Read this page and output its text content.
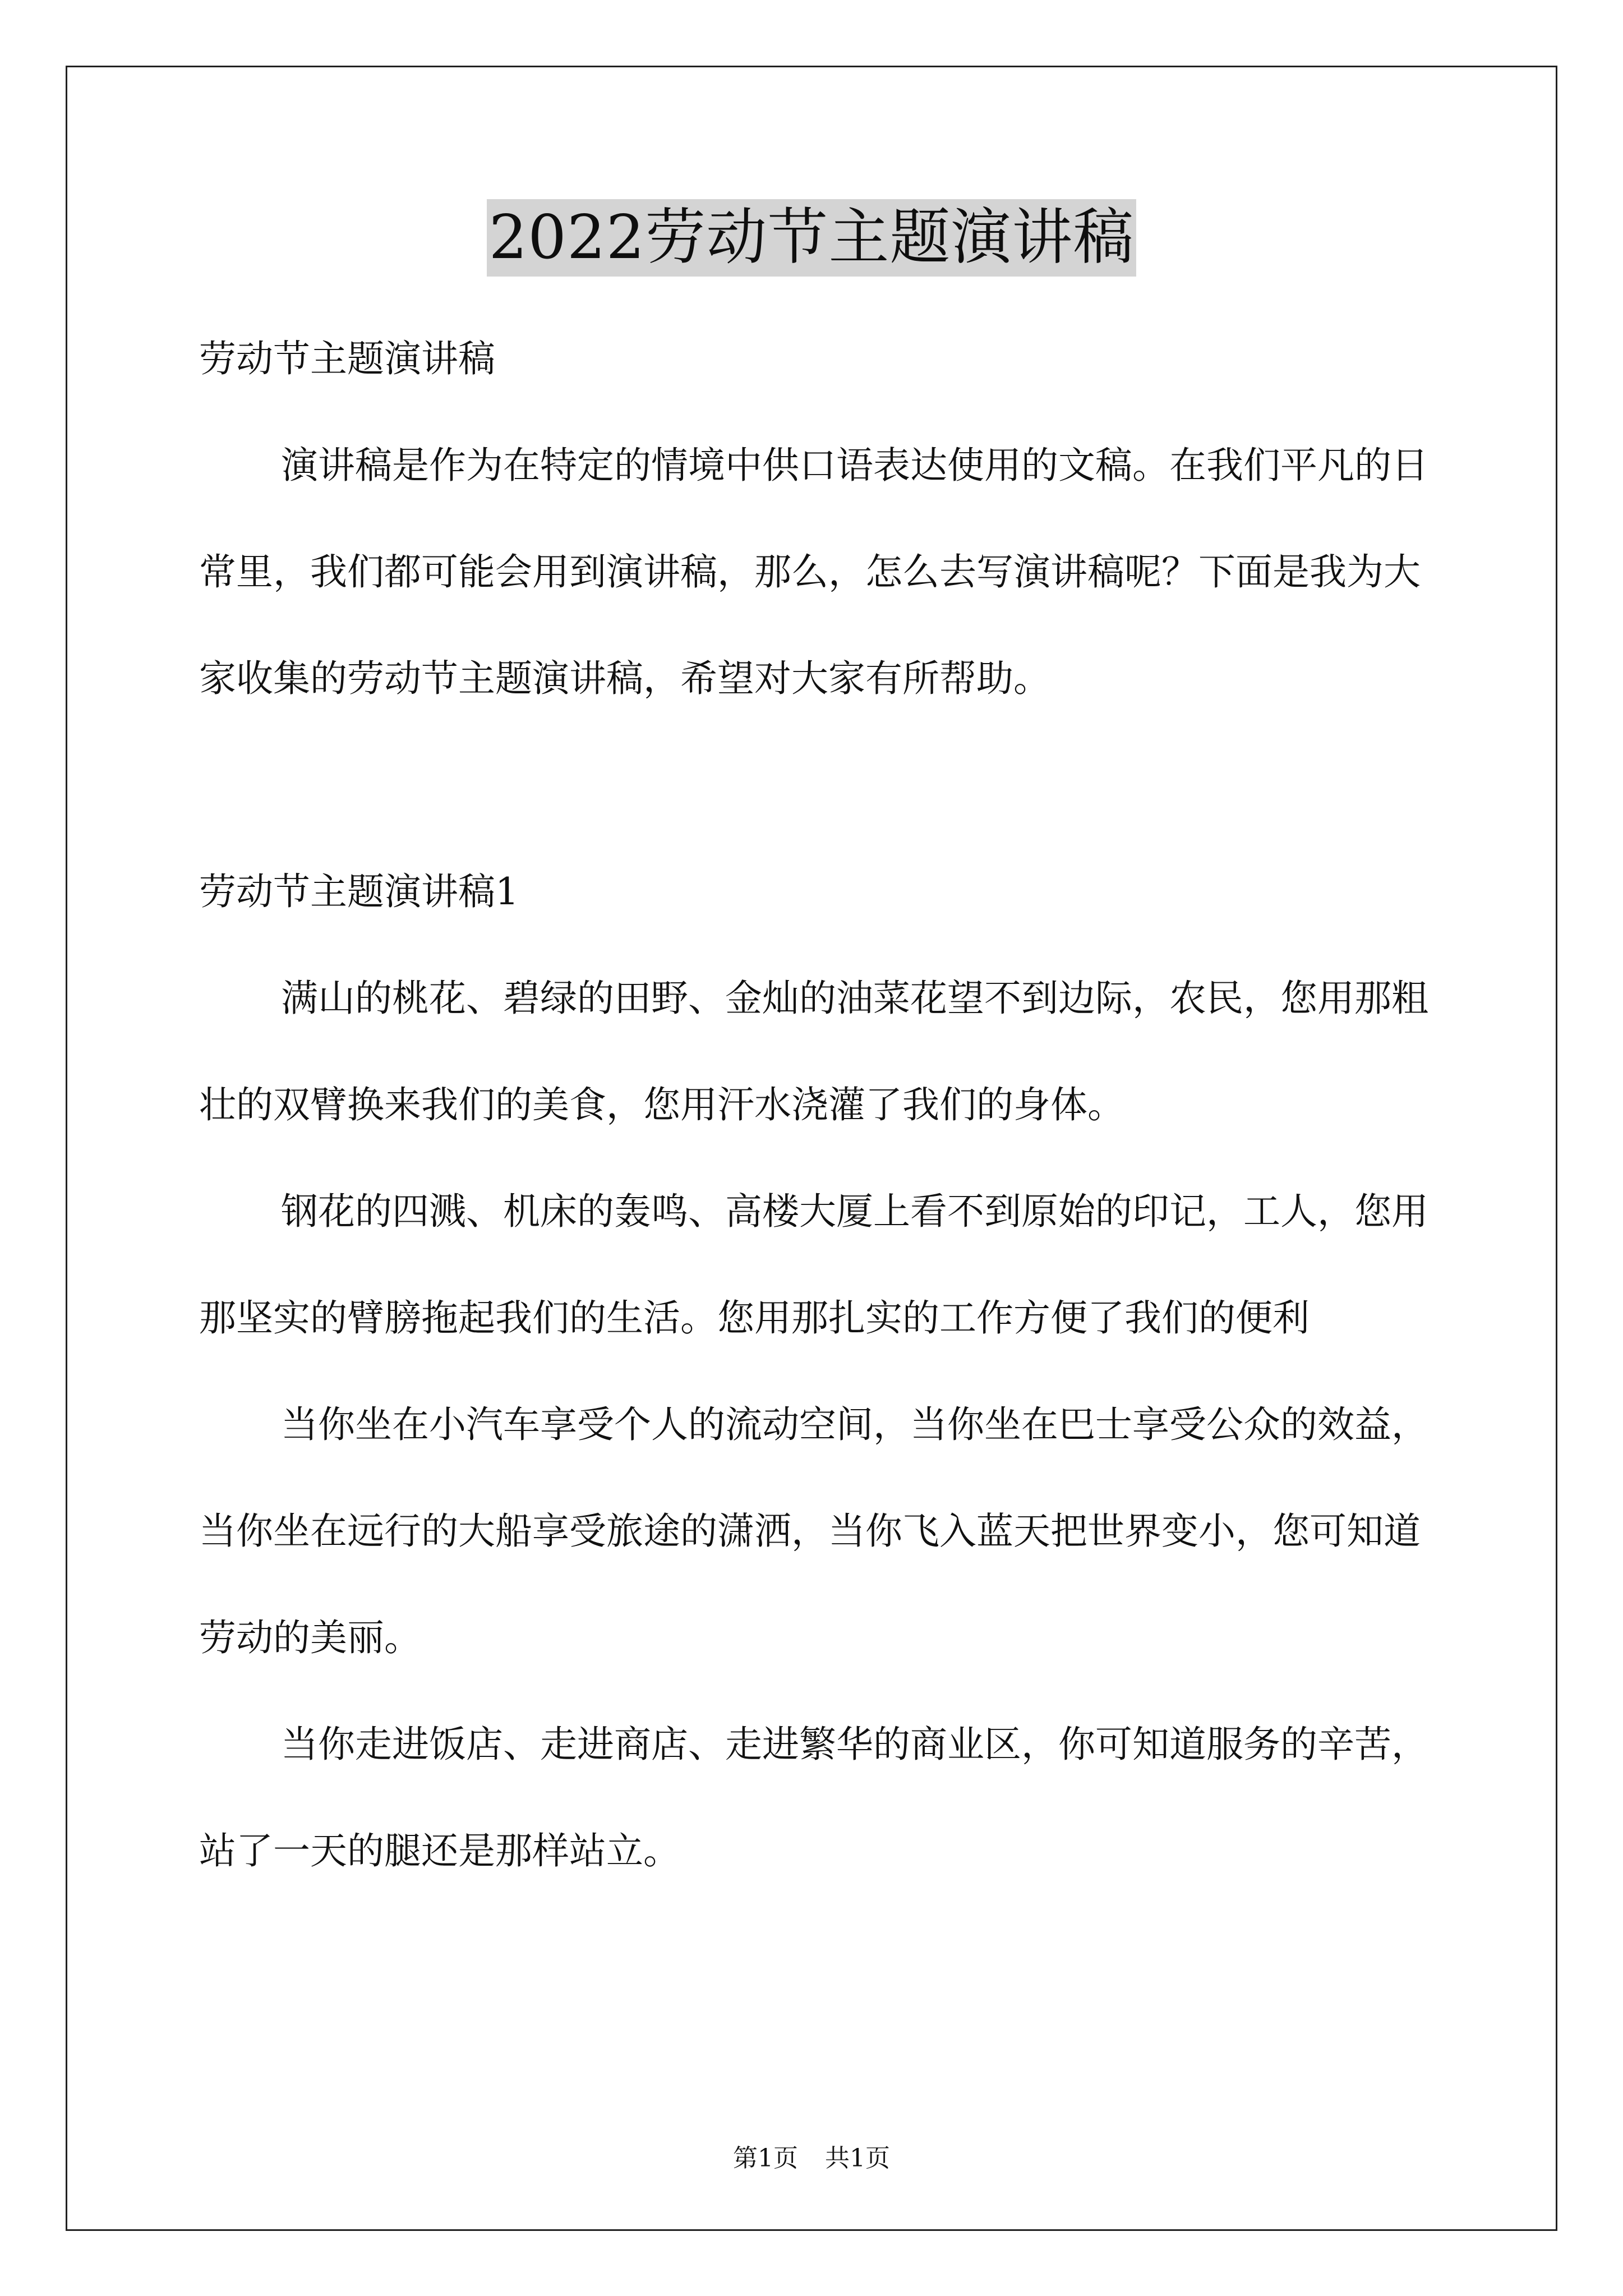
2022劳动节主题演讲稿

劳动节主题演讲稿

演讲稿是作为在特定的情境中供口语表达使用的文稿。在我们平凡的日常里，我们都可能会用到演讲稿，那么，怎么去写演讲稿呢？下面是我为大家收集的劳动节主题演讲稿，希望对大家有所帮助。

劳动节主题演讲稿1

满山的桃花、碧绿的田野、金灿的油菜花望不到边际，农民，您用那粗壮的双臂换来我们的美食，您用汗水浇灌了我们的身体。

钢花的四溅、机床的轰鸣、高楼大厦上看不到原始的印记，工人，您用那坚实的臂膀拖起我们的生活。您用那扎实的工作方便了我们的便利

当你坐在小汽车享受个人的流动空间，当你坐在巴士享受公众的效益，当你坐在远行的大船享受旅途的潇洒，当你飞入蓝天把世界变小，您可知道劳动的美丽。

当你走进饭店、走进商店、走进繁华的商业区，你可知道服务的辛苦，站了一天的腿还是那样站立。

第1页 共1页
